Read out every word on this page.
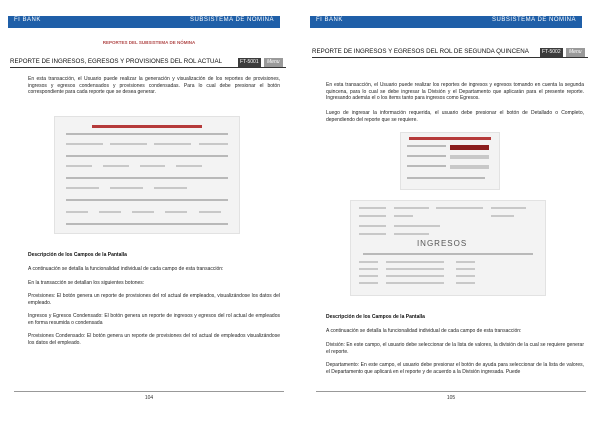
FI BANK	SUBSISTEMA DE NÓMINA
REPORTES DEL SUBSISTEMA DE NÓMINA
REPORTE DE INGRESOS, EGRESOS Y PROVISIONES DEL ROL ACTUAL	FT-5001	Menu

En esta transacción, el Usuario puede realizar la generación y visualización de los reportes de provisiones, ingresos y egresos condensados y provisiones condensadas. Para lo cual debe presionar el botón correspondiente para cada reporte que se desea generar.

Descripción de los Campos de la Pantalla

A continuación se detalla la funcionalidad individual de cada campo de esta transacción:

En la transacción se detallan los siguientes botones:

Provisiones: El botón genera un reporte de provisiones del rol actual de empleados, visualizándose los datos del empleado.

Ingresos y Egresos Condensado: El botón genera un reporte de ingresos y egresos del rol actual de empleados en forma resumida o condensada

Provisiones Condensado: El botón genera un reporte de provisiones del rol actual de empleados visualizándose los datos del empleado.

104
FI BANK	SUBSISTEMA DE NÓMINA
REPORTE DE INGRESOS Y EGRESOS DEL ROL DE SEGUNDA QUINCENA	FT-5002	Menu

En esta transacción, el Usuario puede realizar los reportes de ingresos y egresos tomando en cuenta la segunda quincena, para lo cual se debe ingresar la División y el Departamento que aplicarán para el presente reporte. Ingresando además el o los items tanto para ingresos como Egresos.

Luego de ingresar la información requerida, el usuario debe presionar el botón de Detallado o Completo, dependiendo del reporte que se requiere.

INGRESOS
Descripción de los Campos de la Pantalla

A continuación se detalla la funcionalidad individual de cada campo de esta transacción:

División: En este campo, el usuario debe seleccionar de la lista de valores, la división de la cual se requiere generar el reporte.

Departamento: En este campo, el usuario debe presionar el botón de ayuda para seleccionar de la lista de valores, el Departamento que aplicará en el reporte y de acuerdo a la División ingresada. Puede

105
